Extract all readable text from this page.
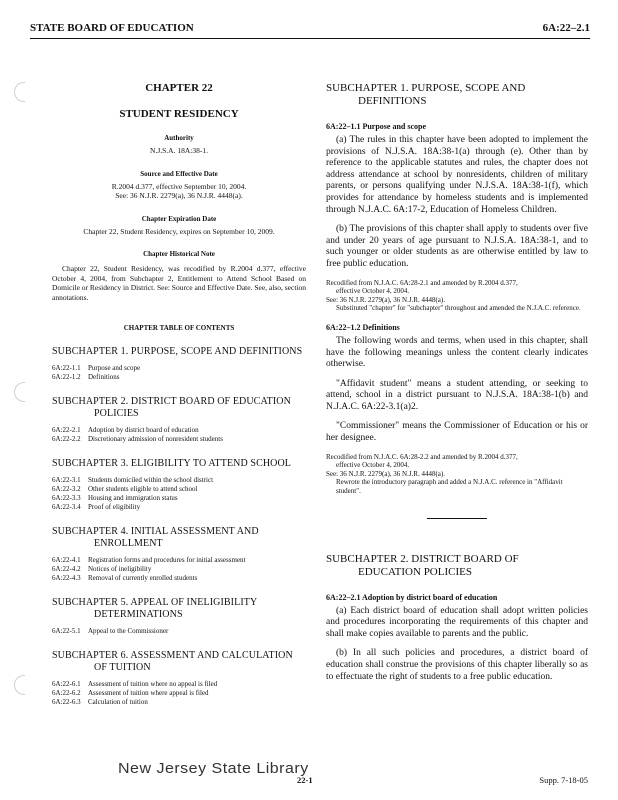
STATE BOARD OF EDUCATION	6A:22–2.1
CHAPTER 22
STUDENT RESIDENCY
Authority
N.J.S.A. 18A:38-1.
Source and Effective Date
R.2004 d.377, effective September 10, 2004.
See: 36 N.J.R. 2279(a), 36 N.J.R. 4448(a).
Chapter Expiration Date
Chapter 22, Student Residency, expires on September 10, 2009.
Chapter Historical Note
Chapter 22, Student Residency, was recodified by R.2004 d.377, effective October 4, 2004, from Subchapter 2, Entitlement to Attend School Based on Domicile or Residency in District. See: Source and Effective Date. See, also, section annotations.
CHAPTER TABLE OF CONTENTS
SUBCHAPTER 1. PURPOSE, SCOPE AND DEFINITIONS
6A:22-1.1	Purpose and scope
6A:22-1.2	Definitions
SUBCHAPTER 2. DISTRICT BOARD OF EDUCATION
POLICIES
6A:22-2.1	Adoption by district board of education
6A:22-2.2	Discretionary admission of nonresident students
SUBCHAPTER 3. ELIGIBILITY TO ATTEND SCHOOL
6A:22-3.1	Students domiciled within the school district
6A:22-3.2	Other students eligible to attend school
6A:22-3.3	Housing and immigration status
6A:22-3.4	Proof of eligibility
SUBCHAPTER 4. INITIAL ASSESSMENT AND
ENROLLMENT
6A:22-4.1	Registration forms and procedures for initial assessment
6A:22-4.2	Notices of ineligibility
6A:22-4.3	Removal of currently enrolled students
SUBCHAPTER 5. APPEAL OF INELIGIBILITY
DETERMINATIONS
6A:22-5.1	Appeal to the Commissioner
SUBCHAPTER 6. ASSESSMENT AND CALCULATION
OF TUITION
6A:22-6.1	Assessment of tuition where no appeal is filed
6A:22-6.2	Assessment of tuition where appeal is filed
6A:22-6.3	Calculation of tuition
SUBCHAPTER 1. PURPOSE, SCOPE AND
DEFINITIONS
6A:22–1.1 Purpose and scope
(a) The rules in this chapter have been adopted to implement the provisions of N.J.S.A. 18A:38-1(a) through (e). Other than by reference to the applicable statutes and rules, the chapter does not address attendance at school by nonresidents, children of military parents, or persons qualifying under N.J.S.A. 18A:38-1(f), which provides for attendance by homeless students and is implemented through N.J.A.C. 6A:17-2, Education of Homeless Children.
(b) The provisions of this chapter shall apply to students over five and under 20 years of age pursuant to N.J.S.A. 18A:38-1, and to such younger or older students as are otherwise entitled by law to free public education.
Recodified from N.J.A.C. 6A:28-2.1 and amended by R.2004 d.377,
effective October 4, 2004.
See: 36 N.J.R. 2279(a), 36 N.J.R. 4448(a).
Substituted "chapter" for "subchapter" throughout and amended the N.J.A.C. reference.
6A:22–1.2 Definitions
The following words and terms, when used in this chapter, shall have the following meanings unless the content clearly indicates otherwise.
"Affidavit student" means a student attending, or seeking to attend, school in a district pursuant to N.J.S.A. 18A:38-1(b) and N.J.A.C. 6A:22-3.1(a)2.
"Commissioner" means the Commissioner of Education or his or her designee.
Recodified from N.J.A.C. 6A:28-2.2 and amended by R.2004 d.377,
effective October 4, 2004.
See: 36 N.J.R. 2279(a), 36 N.J.R. 4448(a).
Rewrote the introductory paragraph and added a N.J.A.C. reference in "Affidavit student".
SUBCHAPTER 2. DISTRICT BOARD OF
EDUCATION POLICIES
6A:22–2.1 Adoption by district board of education
(a) Each district board of education shall adopt written policies and procedures incorporating the requirements of this chapter and shall make copies available to parents and the public.
(b) In all such policies and procedures, a district board of education shall construe the provisions of this chapter liberally so as to effectuate the right of students to a free public education.
22-1	Supp. 7-18-05
New Jersey State Library
